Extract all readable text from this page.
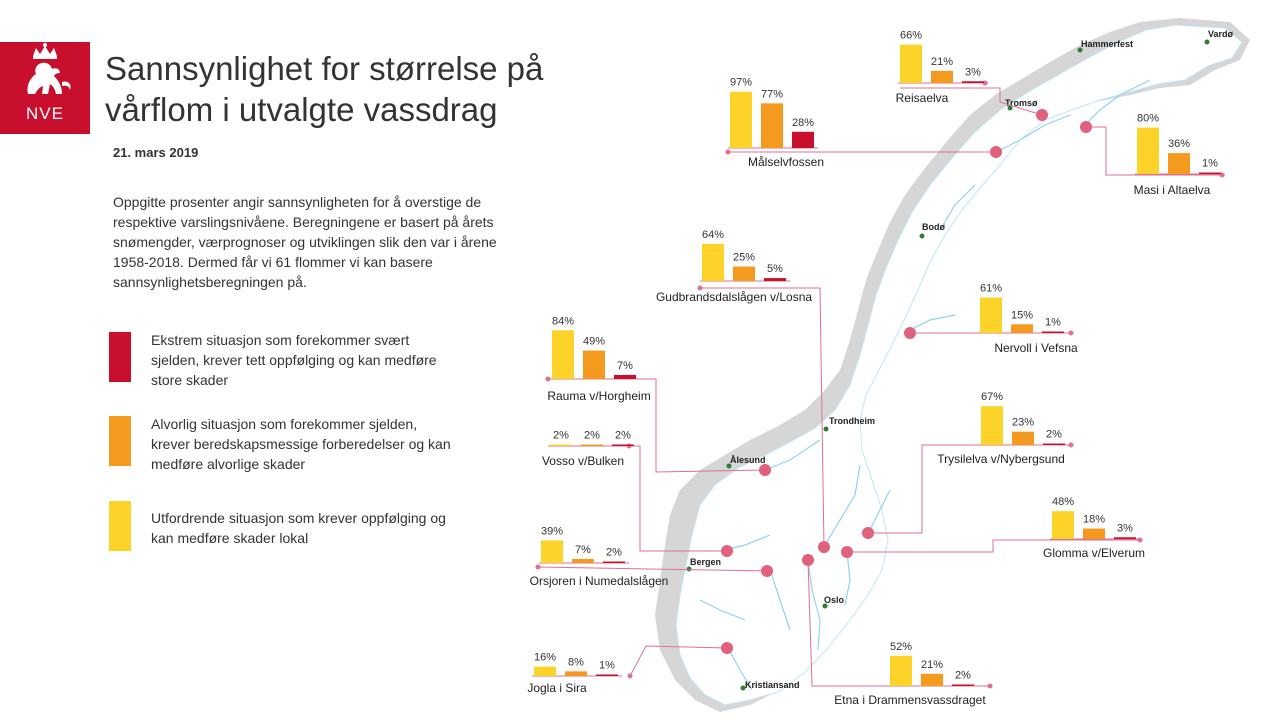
NVE
Sannsynlighet for størrelse på
vårflom i utvalgte vassdrag
21. mars 2019

Oppgitte prosenter angir sannsynligheten for å overstige de respektive varslingsnivåene. Beregningene er basert på årets snømengder, værprognoser og utviklingen slik den var i årene 1958-2018. Dermed får vi 61 flommer vi kan basere sannsynlighetsberegningen på.

Ekstrem situasjon som forekommer svært sjelden, krever tett oppfølging og kan medføre store skader
Alvorlig situasjon som forekommer sjelden, krever beredskapsmessige forberedelser og kan medføre alvorlige skader
Utfordrende situasjon som krever oppfølging og kan medføre skader lokal
Vardø
Hammerfest
Tromsø
Bodø
Trondheim
Ålesund
Bergen
Oslo
Kristiansand
66%
21%
3%
Reisaelva
97%
77%
28%
Målselvfossen
80%
36%
1%
Masi i Altaelva
64%
25%
5%
Gudbrandsdalslågen v/Losna
61%
15%
1%
Nervoll i Vefsna
84%
49%
7%
Rauma v/Horgheim	67%
23%
2%
Trysilelva v/Nybergsund
2% 2% 2%
Vosso v/Bulken
48%
18%
3%
Glomma v/Elverum
39%
7% 2%
Orsjoren i Numedalslågen
16% 8% 1%
Jogla i Sira
52%
21%
2%
Etna i Drammensvassdraget
